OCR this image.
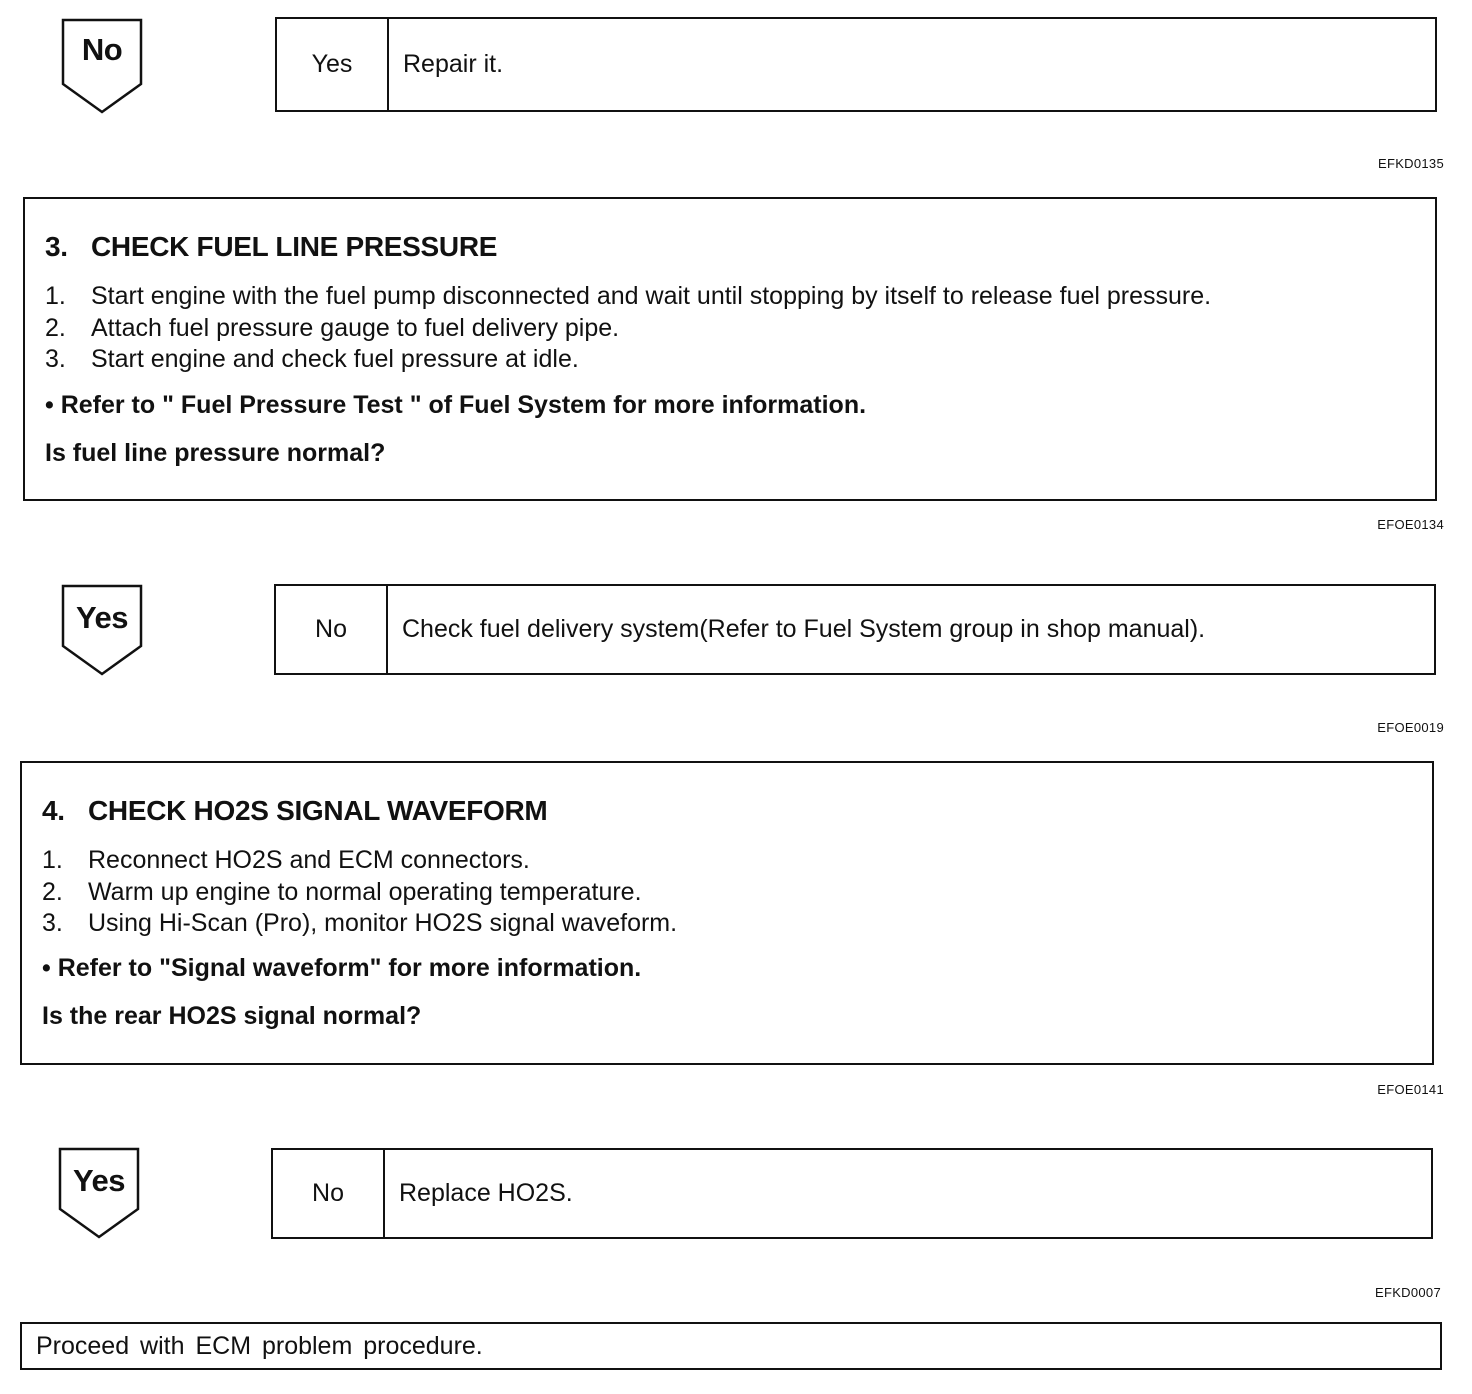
No	Yes	Repair it.
EFKD0135
3. CHECK FUEL LINE PRESSURE
1. Start engine with the fuel pump disconnected and wait until stopping by itself to release fuel pressure.
2. Attach fuel pressure gauge to fuel delivery pipe.
3. Start engine and check fuel pressure at idle.
• Refer to " Fuel Pressure Test " of Fuel System for more information.
Is fuel line pressure normal?
EFOE0134
Yes	No	Check fuel delivery system(Refer to Fuel System group in shop manual).
EFOE0019
4. CHECK HO2S SIGNAL WAVEFORM
1. Reconnect HO2S and ECM connectors.
2. Warm up engine to normal operating temperature.
3. Using Hi-Scan (Pro), monitor HO2S signal waveform.
• Refer to "Signal waveform" for more information.
Is the rear HO2S signal normal?
EFOE0141
Yes	No	Replace HO2S.
EFKD0007
Proceed with ECM problem procedure.
